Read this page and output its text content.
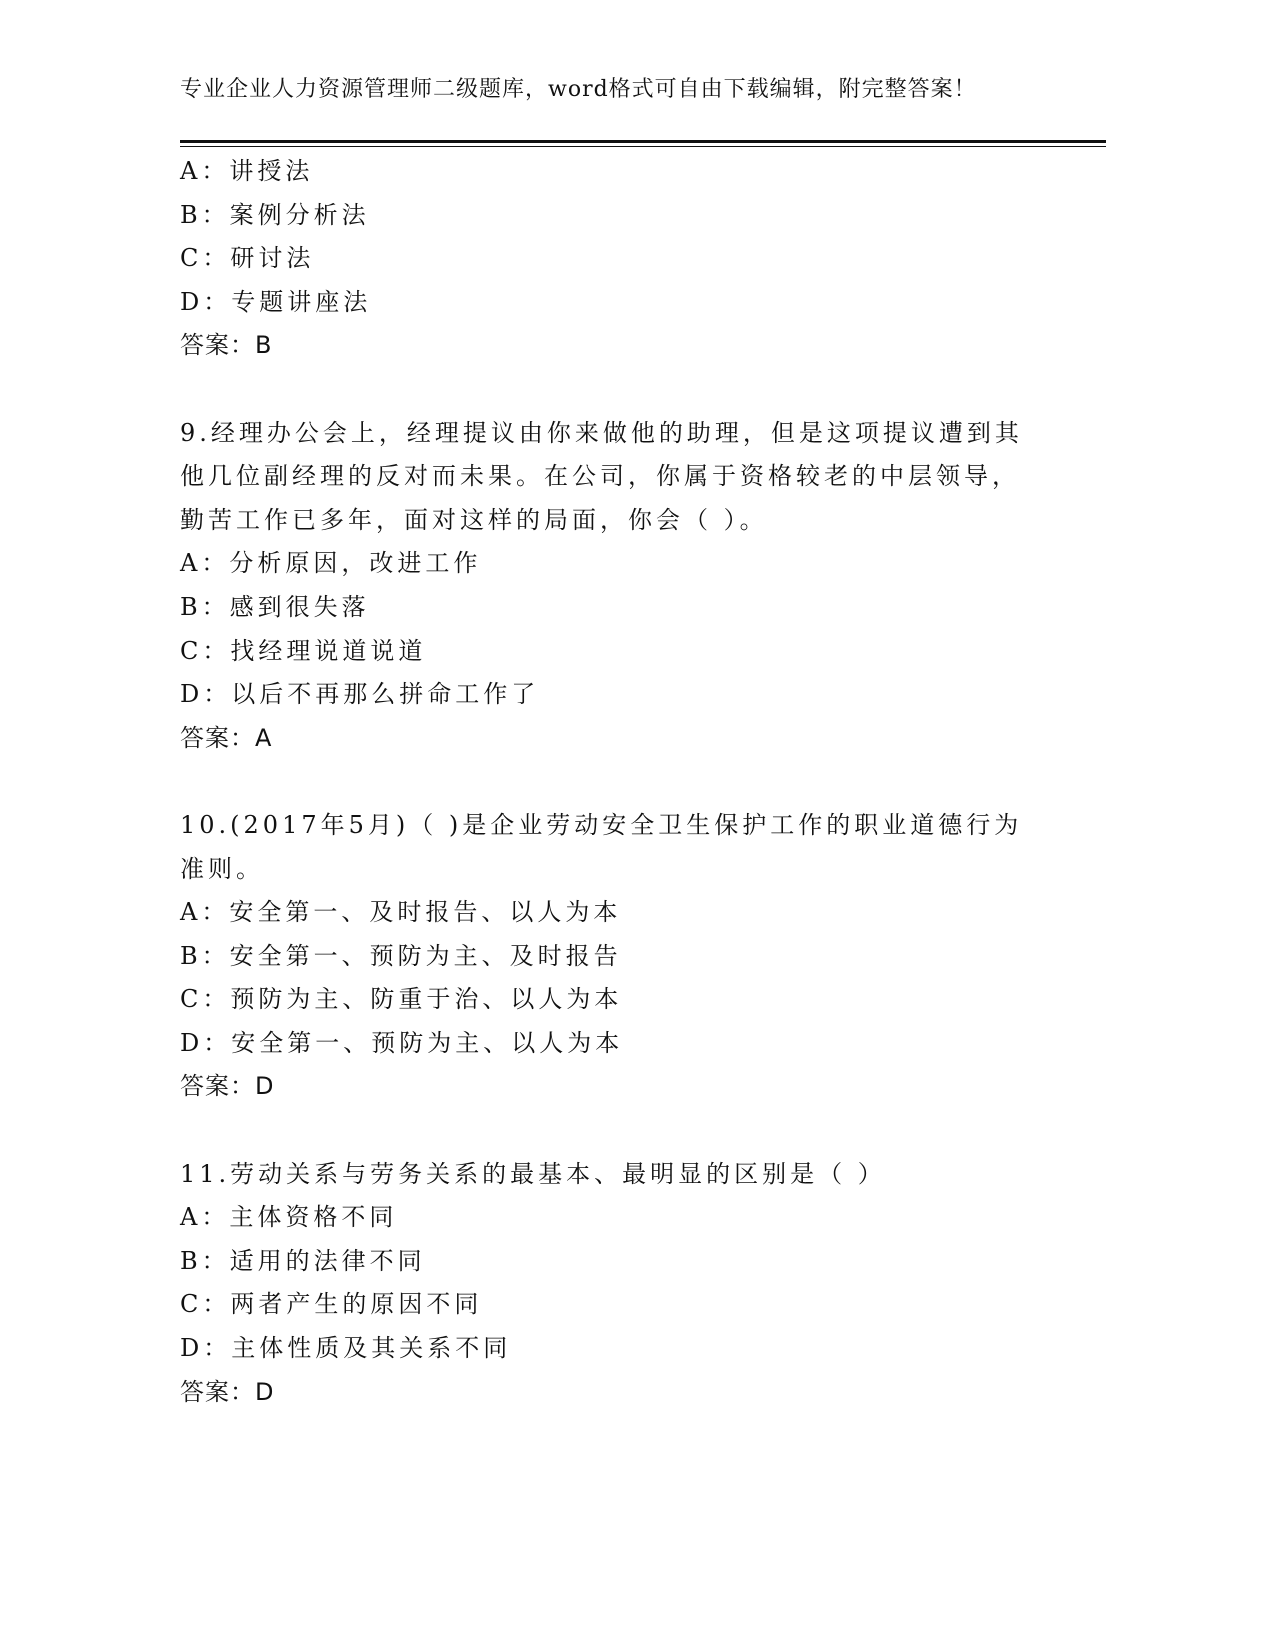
专业企业人力资源管理师二级题库，word格式可自由下载编辑，附完整答案！
A：讲授法
B：案例分析法
C：研讨法
D：专题讲座法
答案：B
9.经理办公会上，经理提议由你来做他的助理，但是这项提议遭到其他几位副经理的反对而未果。在公司，你属于资格较老的中层领导，勤苦工作已多年，面对这样的局面，你会（ ）。
A：分析原因，改进工作
B：感到很失落
C：找经理说道说道
D：以后不再那么拼命工作了
答案：A
10.(2017年5月)（ )是企业劳动安全卫生保护工作的职业道德行为准则。
A：安全第一、及时报告、以人为本
B：安全第一、预防为主、及时报告
C：预防为主、防重于治、以人为本
D：安全第一、预防为主、以人为本
答案：D
11.劳动关系与劳务关系的最基本、最明显的区别是（ ）
A：主体资格不同
B：适用的法律不同
C：两者产生的原因不同
D：主体性质及其关系不同
答案：D
